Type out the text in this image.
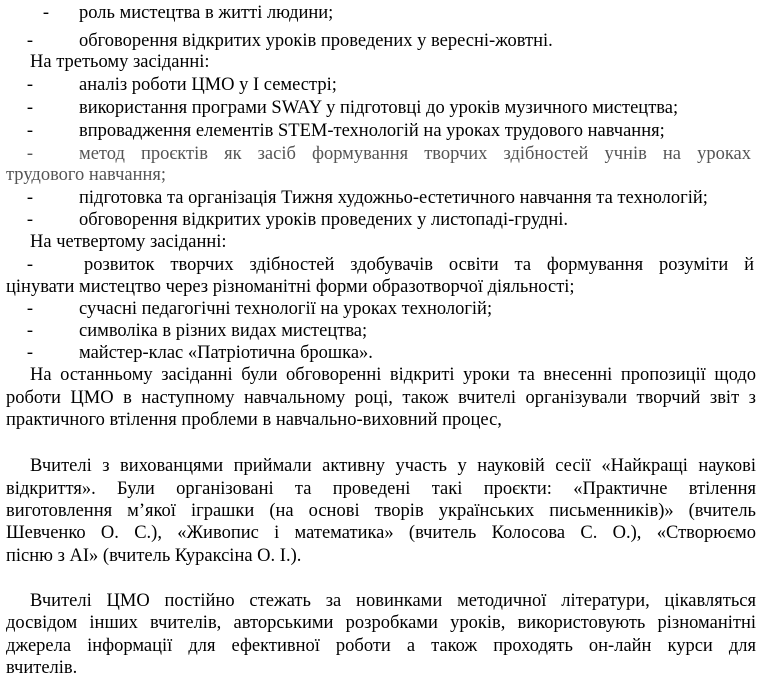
-	роль мистецтва в житті людини;
-	обговорення відкритих уроків проведених у вересні-жовтні.
На третьому засіданні:
-	аналіз роботи ЦМО у I семестрі;
-	використання програми SWAY у підготовці до уроків музичного мистецтва;
-	впровадження елементів STEM-технологій на уроках трудового навчання;
-	метод проєктів як засіб формування творчих здібностей учнів на уроках
трудового навчання;
-	підготовка та організація Тижня художньо-естетичного навчання та технологій;
-	обговорення відкритих уроків проведених у листопаді-грудні.
На четвертому засіданні:
-	розвиток творчих здібностей здобувачів освіти та формування розуміти й
цінувати мистецтво через різноманітні форми образотворчої діяльності;
-	сучасні педагогічні технології на уроках технологій;
-	символіка в різних видах мистецтва;
-	майстер-клас «Патріотична брошка».
На останньому засіданні були обговоренні відкриті уроки та внесенні пропозиції щодо
роботи ЦМО в наступному навчальному році, також вчителі організували творчий звіт з
практичного втілення проблеми в навчально-виховний процес,
Вчителі з вихованцями приймали активну участь у науковій сесії «Найкращі наукові
відкриття». Були організовані та проведені такі проєкти: «Практичне втілення
виготовлення м’якої іграшки (на основі творів українських письменників)» (вчитель
Шевченко О. С.), «Живопис і математика» (вчитель Колосова С. О.), «Створюємо
пісню з АІ» (вчитель Кураксіна О. І.).
Вчителі ЦМО постійно стежать за новинками методичної літератури, цікавляться
досвідом інших вчителів, авторськими розробками уроків, використовують різноманітні
джерела інформації для ефективної роботи а також проходять он-лайн курси для
вчителів.
